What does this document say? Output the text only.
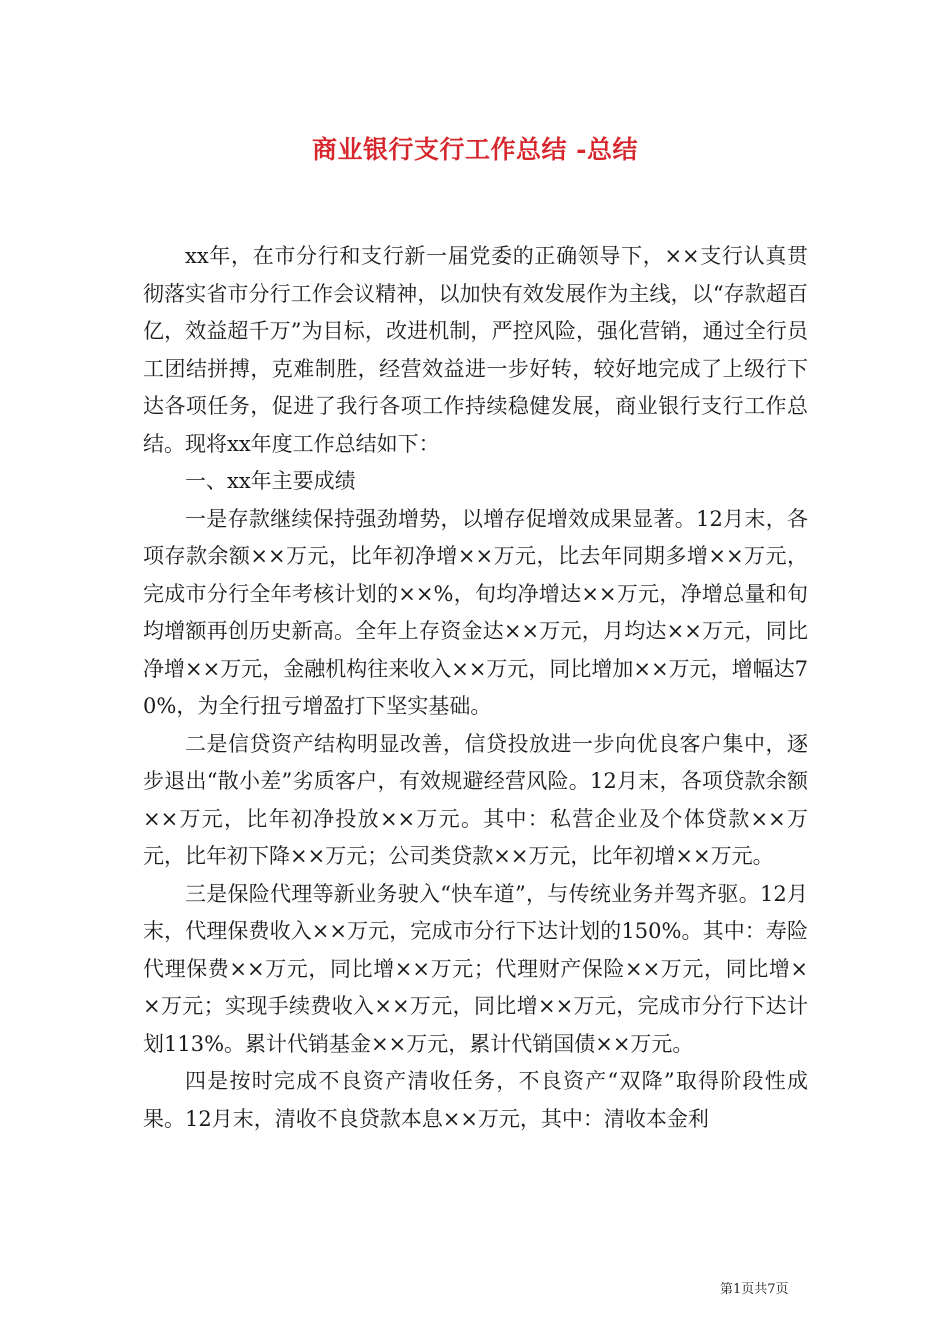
商业银行支行工作总结 -总结

xx年，在市分行和支行新一届党委的正确领导下，××支行认真贯彻落实省市分行工作会议精神，以加快有效发展作为主线，以“存款超百亿，效益超千万”为目标，改进机制，严控风险，强化营销，通过全行员工团结拼搏，克难制胜，经营效益进一步好转，较好地完成了上级行下达各项任务，促进了我行各项工作持续稳健发展，商业银行支行工作总结。现将xx年度工作总结如下：

一、xx年主要成绩

一是存款继续保持强劲增势，以增存促增效成果显著。12月末，各项存款余额××万元，比年初净增××万元，比去年同期多增××万元，完成市分行全年考核计划的××%，旬均净增达××万元，净增总量和旬均增额再创历史新高。全年上存资金达××万元，月均达××万元，同比净增××万元，金融机构往来收入××万元，同比增加××万元，增幅达70%，为全行扭亏增盈打下坚实基础。

二是信贷资产结构明显改善，信贷投放进一步向优良客户集中，逐步退出“散小差”劣质客户，有效规避经营风险。12月末，各项贷款余额××万元，比年初净投放××万元。其中：私营企业及个体贷款××万元，比年初下降××万元；公司类贷款××万元，比年初增××万元。

三是保险代理等新业务驶入“快车道”，与传统业务并驾齐驱。12月末，代理保费收入××万元，完成市分行下达计划的150%。其中：寿险代理保费××万元，同比增××万元；代理财产保险××万元，同比增××万元；实现手续费收入××万元，同比增××万元，完成市分行下达计划113%。累计代销基金××万元，累计代销国债××万元。

四是按时完成不良资产清收任务，不良资产“双降”取得阶段性成果。12月末，清收不良贷款本息××万元，其中：清收本金利

第1页共7页
